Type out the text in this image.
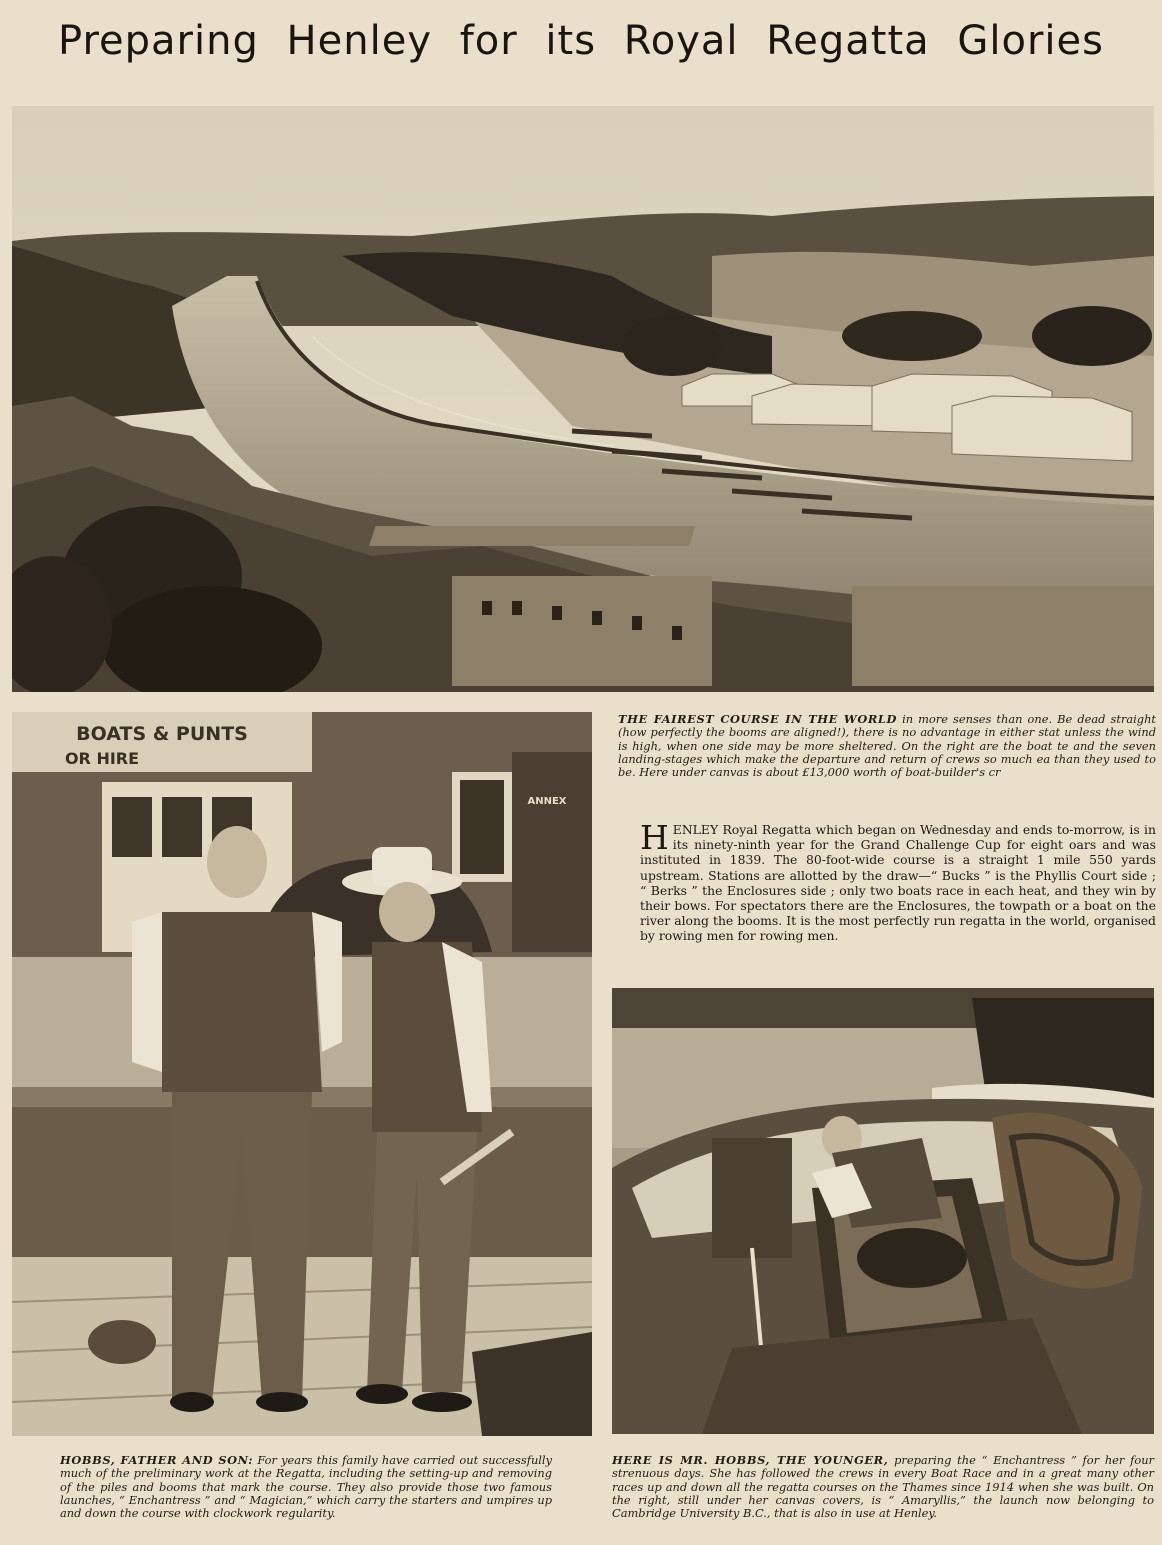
Preparing Henley for its Royal Regatta Glories
BOATS & PUNTS
OR HIRE
ANNEX
THE FAIREST COURSE IN THE WORLD in more senses than one. Be dead straight (how perfectly the booms are aligned!), there is no advantage in either stat unless the wind is high, when one side may be more sheltered. On the right are the boat te and the seven landing-stages which make the departure and return of crews so much ea than they used to be. Here under canvas is about £13,000 worth of boat-builder's cr
H ENLEY Royal Regatta which began on Wednesday and ends to-morrow, is in its ninety-ninth year for the Grand Challenge Cup for eight oars and was instituted in 1839. The 80-foot-wide course is a straight 1 mile 550 yards upstream. Stations are allotted by the draw—“ Bucks ” is the Phyllis Court side ; “ Berks ” the Enclosures side ; only two boats race in each heat, and they win by their bows. For spectators there are the Enclosures, the towpath or a boat on the river along the booms. It is the most perfectly run regatta in the world, organised by rowing men for rowing men.
HOBBS, FATHER AND SON: For years this family have carried out successfully much of the preliminary work at the Regatta, including the setting-up and removing of the piles and booms that mark the course. They also provide those two famous launches, “ Enchantress ” and “ Magician,” which carry the starters and umpires up and down the course with clockwork regularity.
HERE IS MR. HOBBS, THE YOUNGER, preparing the “ Enchantress ” for her four strenuous days. She has followed the crews in every Boat Race and in a great many other races up and down all the regatta courses on the Thames since 1914 when she was built. On the right, still under her canvas covers, is “ Amaryllis,” the launch now belonging to Cambridge University B.C., that is also in use at Henley.
